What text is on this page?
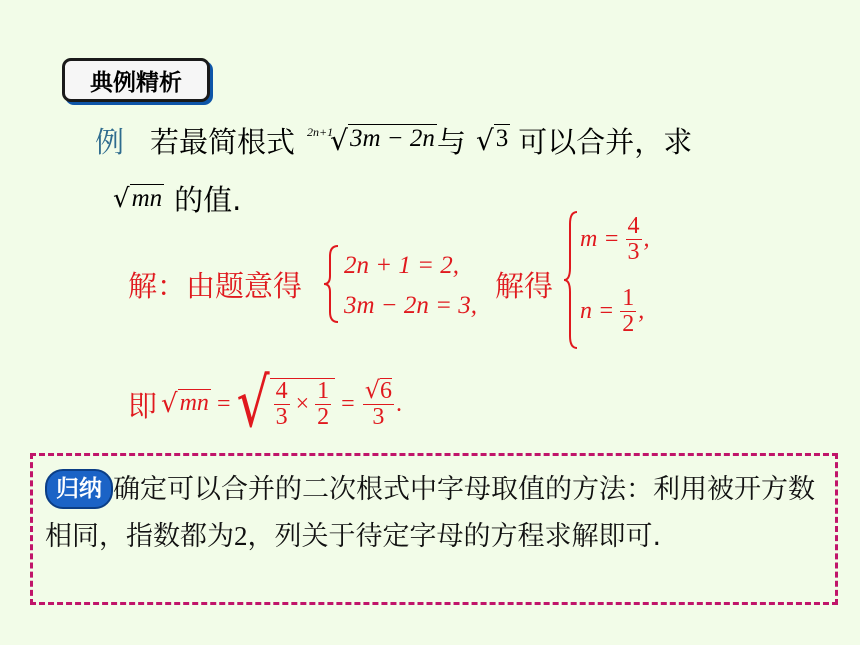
典例精析
例 若最简根式 2n+1
√ 3m − 2n 与 √ 3 可以合并，求
√ mn 的值.
解：由题意得
2n + 1 = 2,
3m − 2n = 3,
解得
$m = \frac{4}{3}$ ,
$n = \frac{1}{2}$ ,
即 √ mn = √ $\frac{4}{3} \times \frac{1}{2} = \frac{√ 6}{3}$ .
归纳 确定可以合并的二次根式中字母取值的方法：利用被开方数相同，指数都为2，列关于待定字母的方程求解即可.
